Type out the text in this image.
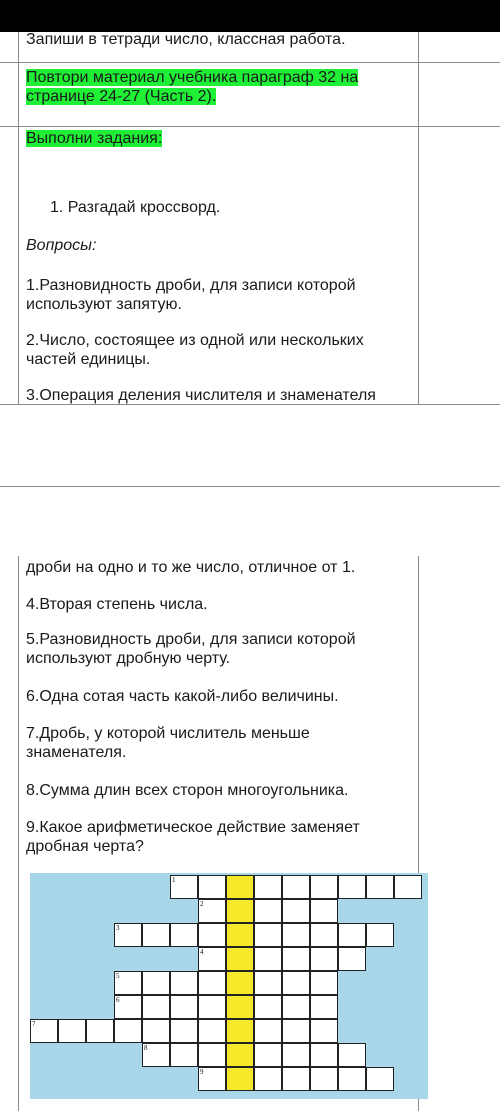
Запиши в тетради число, классная работа.
Повтори материал учебника параграф 32 на
странице 24-27 (Часть 2).
Выполни задания:
1. Разгадай кроссворд.
Вопросы:
1.Разновидность дроби, для записи которой используют запятую.
2.Число, состоящее из одной или нескольких частей единицы.
3.Операция деления числителя и знаменателя
дроби на одно и то же число, отличное от 1.
4.Вторая степень числа.
5.Разновидность дроби, для записи которой используют дробную черту.
6.Одна сотая часть какой-либо величины.
7.Дробь, у которой числитель меньше знаменателя.
8.Сумма длин всех сторон многоугольника.
9.Какое арифметическое действие заменяет дробная черта?
1
2
3
4
5
6
7
8
9
